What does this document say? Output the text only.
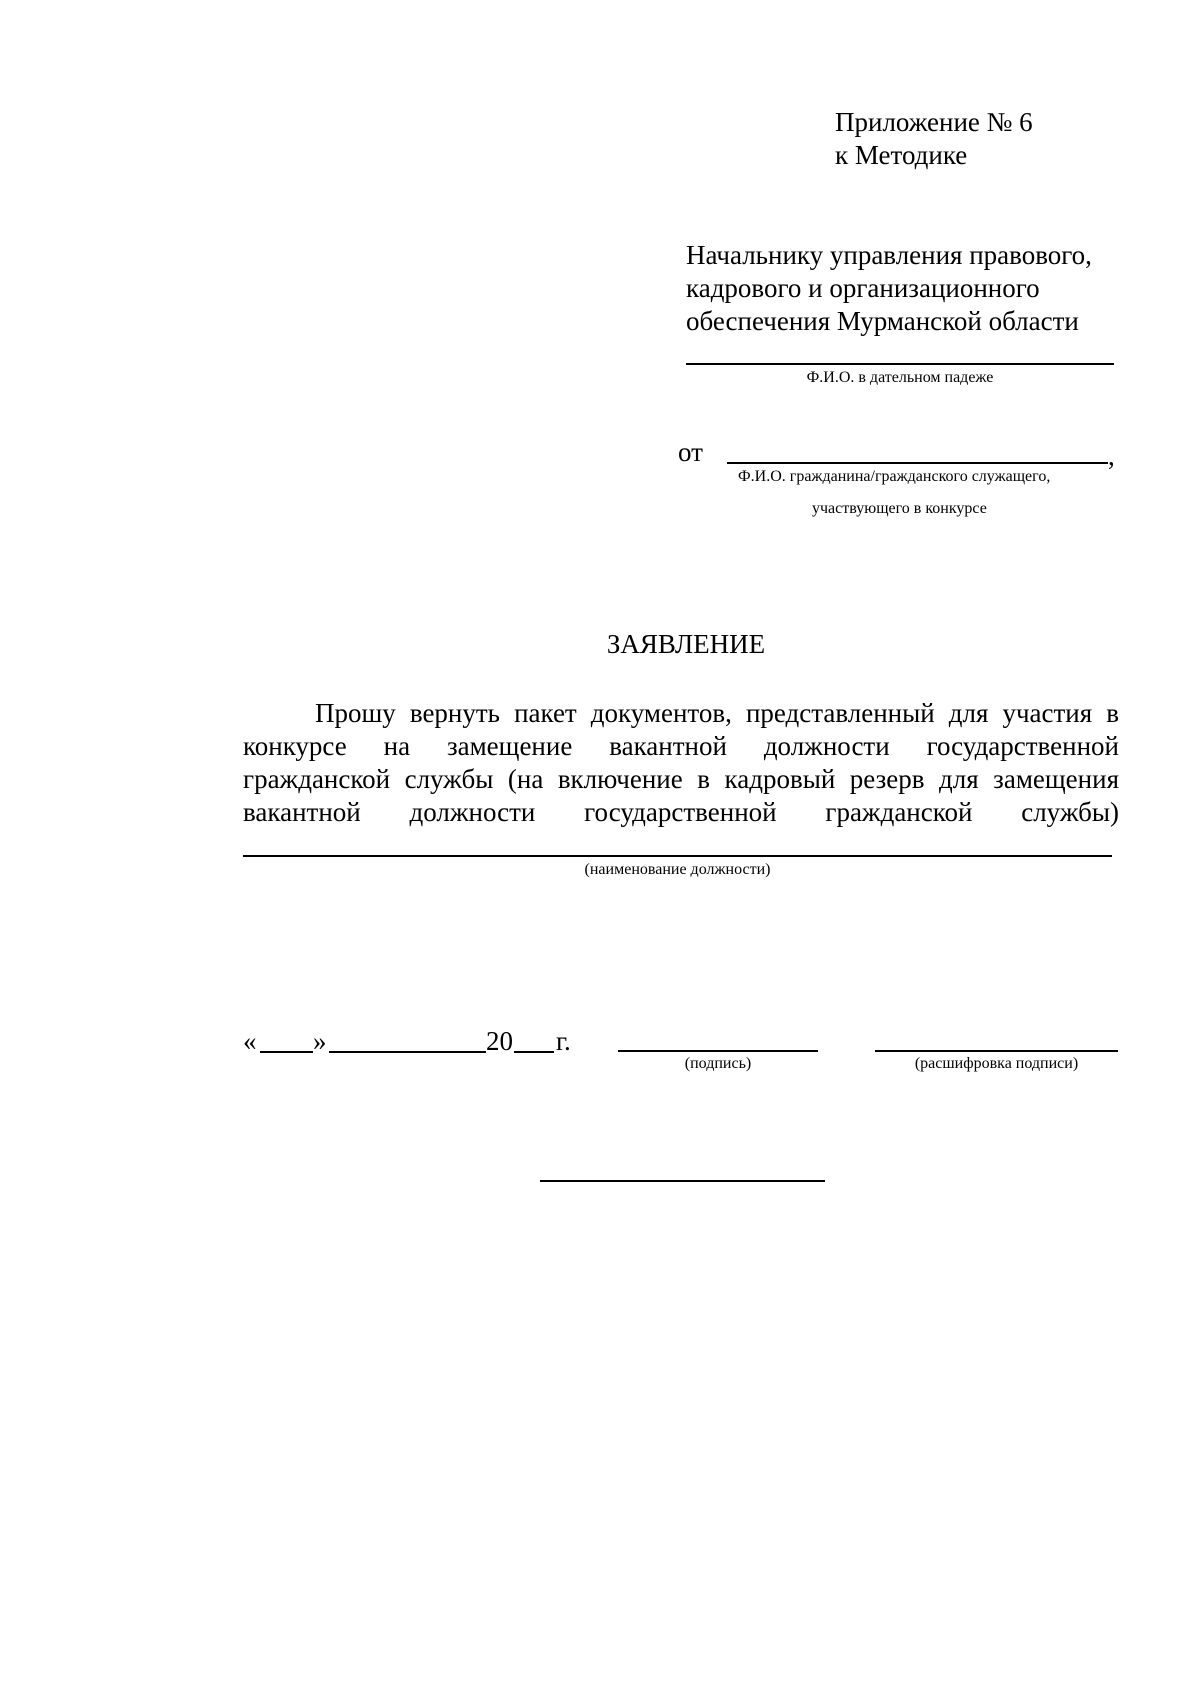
Приложение № 6
к Методике
Начальнику управления правового,
кадрового и организационного
обеспечения Мурманской области
Ф.И.О. в дательном падеже
от	,
Ф.И.О. гражданина/гражданского служащего,
участвующего в конкурсе
ЗАЯВЛЕНИЕ
Прошу вернуть пакет документов, представленный для участия в
конкурсе на замещение вакантной должности государственной
гражданской службы (на включение в кадровый резерв для замещения
вакантной должности государственной гражданской службы)
(наименование должности)
« »	20 г.
(подпись)	(расшифровка подписи)
